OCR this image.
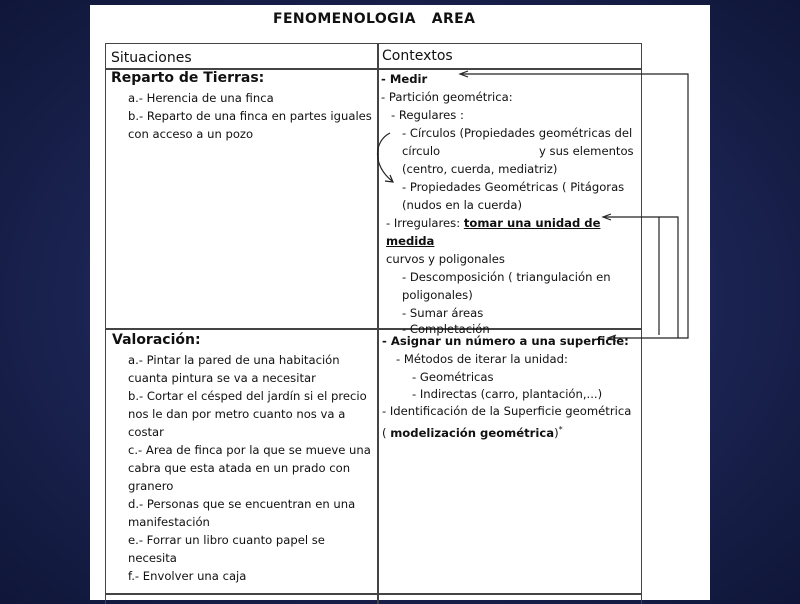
FENOMENOLOGIA   AREA
Situaciones	Contextos
Reparto de Tierras:
a.- Herencia de una finca
b.- Reparto de una finca en partes iguales
con acceso a un pozo
Valoración:
a.- Pintar la pared de una habitación
cuanta pintura se va a necesitar
b.- Cortar el césped del jardín si el precio
nos le dan por metro cuanto nos va a
costar
c.- Area de finca por la que se mueve una
cabra que esta atada en un prado con
granero
d.- Personas que se encuentran en una
manifestación
e.- Forrar un libro cuanto papel se
necesita
f.- Envolver una caja
- Medir
- Partición geométrica:
- Regulares :
- Círculos (Propiedades geométricas del
círculo	y sus elementos
(centro, cuerda, mediatriz)
- Propiedades Geométricas ( Pitágoras
(nudos en la cuerda)
- Irregulares: tomar una unidad de
medida
curvos y poligonales
- Descomposición ( triangulación en
poligonales)
- Sumar áreas
- Completación
- Asignar un número a una superficie:
- Métodos de iterar la unidad:
- Geométricas
- Indirectas (carro, plantación,...)
- Identificación de la Superficie geométrica
( modelización geométrica)*
